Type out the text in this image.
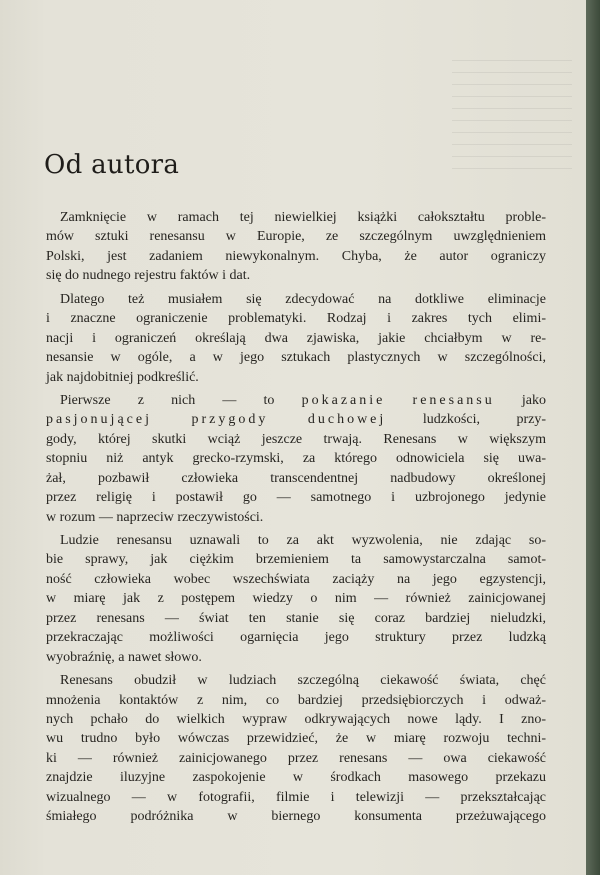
Od autora
Zamknięcie w ramach tej niewielkiej książki całokształtu proble-
mów sztuki renesansu w Europie, ze szczególnym uwzględnieniem
Polski, jest zadaniem niewykonalnym. Chyba, że autor ograniczy
się do nudnego rejestru faktów i dat.
Dlatego też musiałem się zdecydować na dotkliwe eliminacje
i znaczne ograniczenie problematyki. Rodzaj i zakres tych elimi-
nacji i ograniczeń określają dwa zjawiska, jakie chciałbym w re-
nesansie w ogóle, a w jego sztukach plastycznych w szczególności,
jak najdobitniej podkreślić.
Pierwsze z nich — to pokazanie renesansu jako
pasjonującej przygody duchowej	ludzkości, przy-
gody, której skutki wciąż jeszcze trwają. Renesans w większym
stopniu niż antyk grecko-rzymski, za którego odnowiciela się uwa-
żał, pozbawił człowieka transcendentnej nadbudowy określonej
przez religię i postawił go — samotnego i uzbrojonego jedynie
w rozum — naprzeciw rzeczywistości.
Ludzie renesansu uznawali to za akt wyzwolenia, nie zdając so-
bie sprawy, jak ciężkim brzemieniem ta samowystarczalna samot-
ność człowieka wobec wszechświata zaciąży na jego egzystencji,
w miarę jak z postępem wiedzy o nim — również zainicjowanej
przez renesans — świat ten stanie się coraz bardziej nieludzki,
przekraczając możliwości ogarnięcia jego struktury przez ludzką
wyobraźnię, a nawet słowo.
Renesans obudził w ludziach szczególną ciekawość świata, chęć
mnożenia kontaktów z nim, co bardziej przedsiębiorczych i odważ-
nych pchało do wielkich wypraw odkrywających nowe lądy. I zno-
wu trudno było wówczas przewidzieć, że w miarę rozwoju techni-
ki — również zainicjowanego przez renesans — owa ciekawość
znajdzie iluzyjne zaspokojenie w środkach masowego przekazu
wizualnego — w fotografii, filmie i telewizji — przekształcając
śmiałego podróżnika w biernego konsumenta przeżuwającego
